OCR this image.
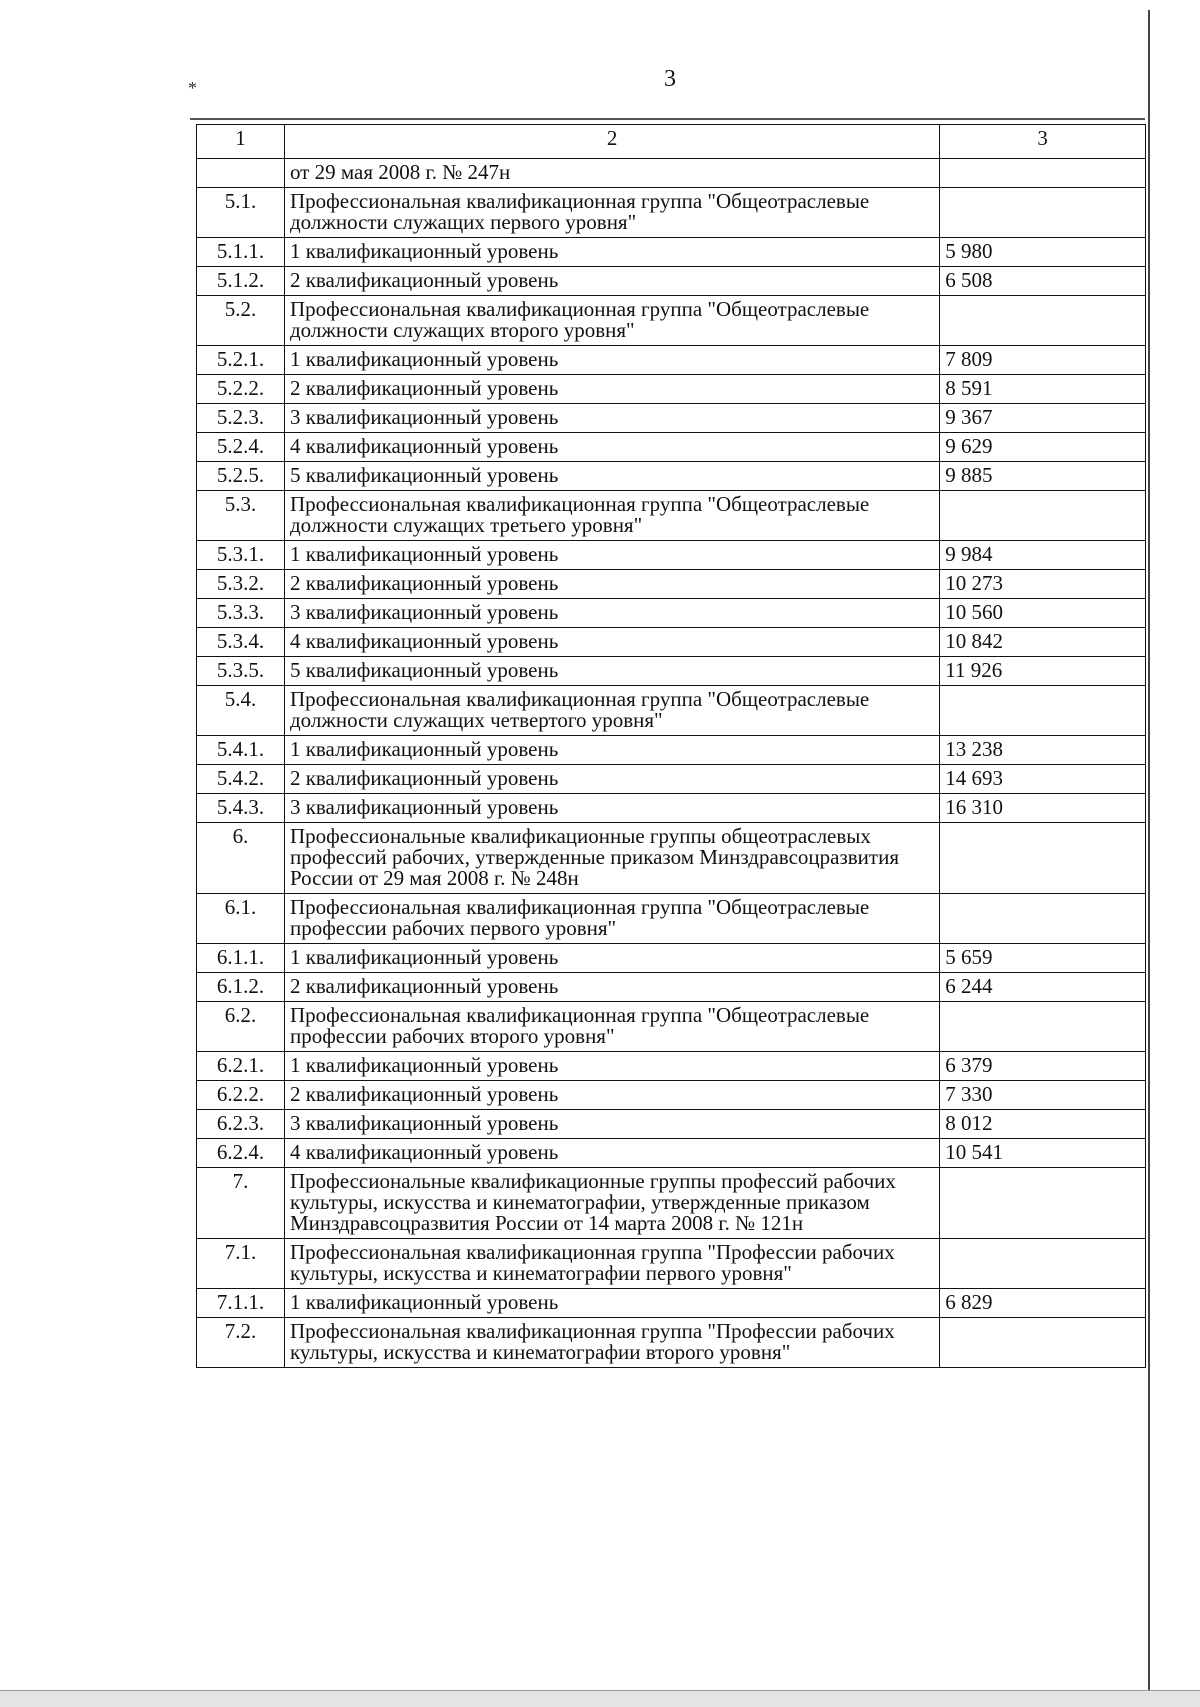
*	3
1	2	3
	от 29 мая 2008 г. № 247н	
5.1.	Профессиональная квалификационная группа "Общеотраслевые должности служащих первого уровня"	
5.1.1.	1 квалификационный уровень	5 980
5.1.2.	2 квалификационный уровень	6 508
5.2.	Профессиональная квалификационная группа "Общеотраслевые должности служащих второго уровня"	
5.2.1.	1 квалификационный уровень	7 809
5.2.2.	2 квалификационный уровень	8 591
5.2.3.	3 квалификационный уровень	9 367
5.2.4.	4 квалификационный уровень	9 629
5.2.5.	5 квалификационный уровень	9 885
5.3.	Профессиональная квалификационная группа "Общеотраслевые должности служащих третьего уровня"	
5.3.1.	1 квалификационный уровень	9 984
5.3.2.	2 квалификационный уровень	10 273
5.3.3.	3 квалификационный уровень	10 560
5.3.4.	4 квалификационный уровень	10 842
5.3.5.	5 квалификационный уровень	11 926
5.4.	Профессиональная квалификационная группа "Общеотраслевые должности служащих четвертого уровня"	
5.4.1.	1 квалификационный уровень	13 238
5.4.2.	2 квалификационный уровень	14 693
5.4.3.	3 квалификационный уровень	16 310
6.	Профессиональные квалификационные группы общеотраслевых профессий рабочих, утвержденные приказом Минздравсоцразвития России от 29 мая 2008 г. № 248н	
6.1.	Профессиональная квалификационная группа "Общеотраслевые профессии рабочих первого уровня"	
6.1.1.	1 квалификационный уровень	5 659
6.1.2.	2 квалификационный уровень	6 244
6.2.	Профессиональная квалификационная группа "Общеотраслевые профессии рабочих второго уровня"	
6.2.1.	1 квалификационный уровень	6 379
6.2.2.	2 квалификационный уровень	7 330
6.2.3.	3 квалификационный уровень	8 012
6.2.4.	4 квалификационный уровень	10 541
7.	Профессиональные квалификационные группы профессий рабочих культуры, искусства и кинематографии, утвержденные приказом Минздравсоцразвития России от 14 марта 2008 г. № 121н	
7.1.	Профессиональная квалификационная группа "Профессии рабочих культуры, искусства и кинематографии первого уровня"	
7.1.1.	1 квалификационный уровень	6 829
7.2.	Профессиональная квалификационная группа "Профессии рабочих культуры, искусства и кинематографии второго уровня"	
